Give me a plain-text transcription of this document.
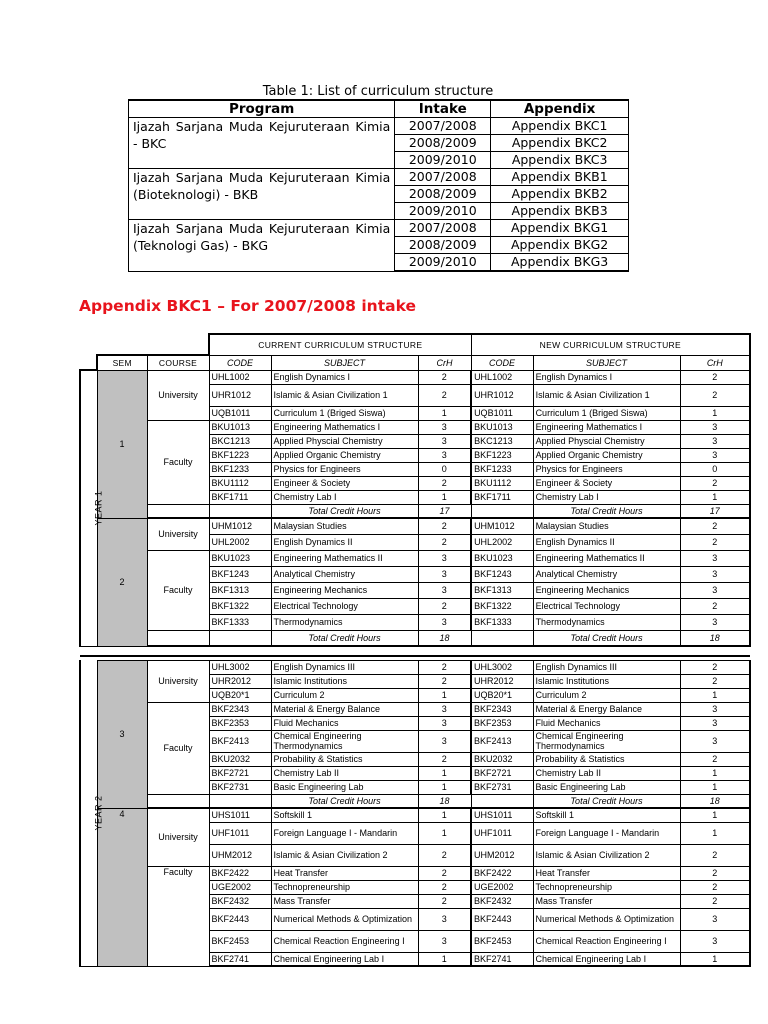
Table 1: List of curriculum structure
Program	Intake	Appendix
Ijazah Sarjana Muda Kejuruteraan Kimia - BKC	2007/2008	Appendix BKC1
	2008/2009	Appendix BKC2
	2009/2010	Appendix BKC3
Ijazah Sarjana Muda Kejuruteraan Kimia (Bioteknologi) - BKB	2007/2008	Appendix BKB1
	2008/2009	Appendix BKB2
	2009/2010	Appendix BKB3
Ijazah Sarjana Muda Kejuruteraan Kimia (Teknologi Gas) - BKG	2007/2008	Appendix BKG1
	2008/2009	Appendix BKG2
	2009/2010	Appendix BKG3
Appendix BKC1 – For 2007/2008 intake
			CURRENT CURRICULUM STRUCTURE			NEW CURRICULUM STRUCTURE		
	SEM	COURSE	CODE	SUBJECT	CrH	CODE	SUBJECT	CrH
YEAR 1	1	University	UHL1002	English Dynamics I	2	UHL1002	English Dynamics I	2
			UHR1012	Islamic & Asian Civilization 1	2	UHR1012	Islamic & Asian Civilization 1	2
			UQB1011	Curriculum 1 (Briged Siswa)	1	UQB1011	Curriculum 1 (Briged Siswa)	1
		Faculty	BKU1013	Engineering Mathematics I	3	BKU1013	Engineering Mathematics I	3
			BKC1213	Applied Physcial Chemistry	3	BKC1213	Applied Physcial Chemistry	3
			BKF1223	Applied Organic Chemistry	3	BKF1223	Applied Organic Chemistry	3
			BKF1233	Physics for Engineers	0	BKF1233	Physics for Engineers	0
			BKU1112	Engineer & Society	2	BKU1112	Engineer & Society	2
			BKF1711	Chemistry Lab I	1	BKF1711	Chemistry Lab I	1
				Total Credit Hours	17		Total Credit Hours	17
	2	University	UHM1012	Malaysian Studies	2	UHM1012	Malaysian Studies	2
			UHL2002	English Dynamics II	2	UHL2002	English Dynamics II	2
		Faculty	BKU1023	Engineering Mathematics II	3	BKU1023	Engineering Mathematics II	3
			BKF1243	Analytical Chemistry	3	BKF1243	Analytical Chemistry	3
			BKF1313	Engineering Mechanics	3	BKF1313	Engineering Mechanics	3
			BKF1322	Electrical Technology	2	BKF1322	Electrical Technology	2
			BKF1333	Thermodynamics	3	BKF1333	Thermodynamics	3
				Total Credit Hours	18		Total Credit Hours	18

YEAR 2	3	University	UHL3002	English Dynamics III	2	UHL3002	English Dynamics III	2
			UHR2012	Islamic Institutions	2	UHR2012	Islamic Institutions	2
			UQB20*1	Curriculum 2	1	UQB20*1	Curriculum 2	1
		Faculty	BKF2343	Material & Energy Balance	3	BKF2343	Material & Energy Balance	3
			BKF2353	Fluid Mechanics	3	BKF2353	Fluid Mechanics	3
			BKF2413	Chemical Engineering Thermodynamics	3	BKF2413	Chemical Engineering Thermodynamics	3
			BKU2032	Probability & Statistics	2	BKU2032	Probability & Statistics	2
			BKF2721	Chemistry Lab II	1	BKF2721	Chemistry Lab II	1
			BKF2731	Basic Engineering Lab	1	BKF2731	Basic Engineering Lab	1
				Total Credit Hours	18		Total Credit Hours	18
	4	University	UHS1011	Softskill 1	1	UHS1011	Softskill 1	1
			UHF1011	Foreign Language I - Mandarin	1	UHF1011	Foreign Language I - Mandarin	1
			UHM2012	Islamic & Asian Civilization 2	2	UHM2012	Islamic & Asian Civilization 2	2
		Faculty	BKF2422	Heat Transfer	2	BKF2422	Heat Transfer	2
			UGE2002	Technopreneurship	2	UGE2002	Technopreneurship	2
			BKF2432	Mass Transfer	2	BKF2432	Mass Transfer	2
			BKF2443	Numerical Methods & Optimization	3	BKF2443	Numerical Methods & Optimization	3
			BKF2453	Chemical Reaction Engineering I	3	BKF2453	Chemical Reaction Engineering I	3
			BKF2741	Chemical Engineering Lab I	1	BKF2741	Chemical Engineering Lab I	1
